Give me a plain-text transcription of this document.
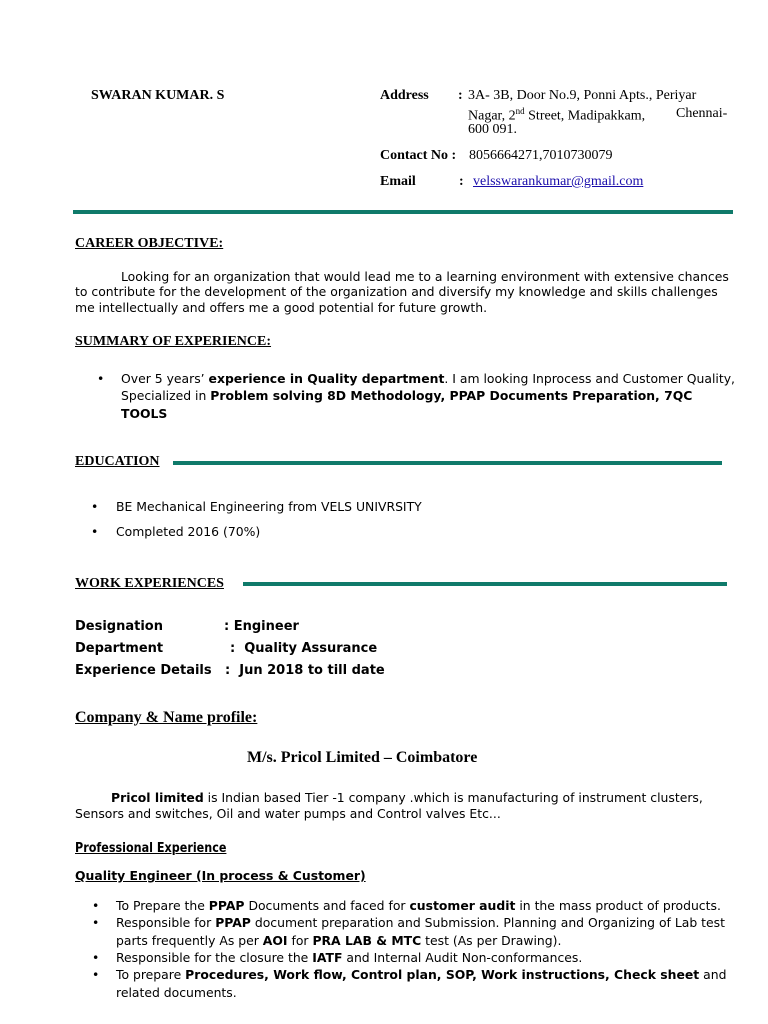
SWARAN KUMAR. S	Address : 3A- 3B, Door No.9, Ponni Apts., Periyar
Nagar, 2nd Street, Madipakkam, Chennai-
600 091.
Contact No : 8056664271,7010730079
Email	: velsswarankumar@gmail.com
CAREER OBJECTIVE:
Looking for an organization that would lead me to a learning environment with extensive chances
to contribute for the development of the organization and diversify my knowledge and skills challenges
me intellectually and offers me a good potential for future growth.
SUMMARY OF EXPERIENCE:
• Over 5 years’ experience in Quality department. I am looking Inprocess and Customer Quality,
Specialized in Problem solving 8D Methodology, PPAP Documents Preparation, 7QC
TOOLS
EDUCATION
• BE Mechanical Engineering from VELS UNIVRSITY
• Completed 2016 (70%)
WORK EXPERIENCES
Designation	: Engineer
Department	:  Quality Assurance
Experience Details :  Jun 2018 to till date
Company & Name profile:
M/s. Pricol Limited – Coimbatore
Pricol limited is Indian based Tier -1 company .which is manufacturing of instrument clusters,
Sensors and switches, Oil and water pumps and Control valves Etc...
Professional Experience
Quality Engineer (In process & Customer)
• To Prepare the PPAP Documents and faced for customer audit in the mass product of products.
• Responsible for PPAP document preparation and Submission. Planning and Organizing of Lab test
parts frequently As per AOI for PRA LAB & MTC test (As per Drawing).
• Responsible for the closure the IATF and Internal Audit Non-conformances.
• To prepare Procedures, Work flow, Control plan, SOP, Work instructions, Check sheet and
related documents.
